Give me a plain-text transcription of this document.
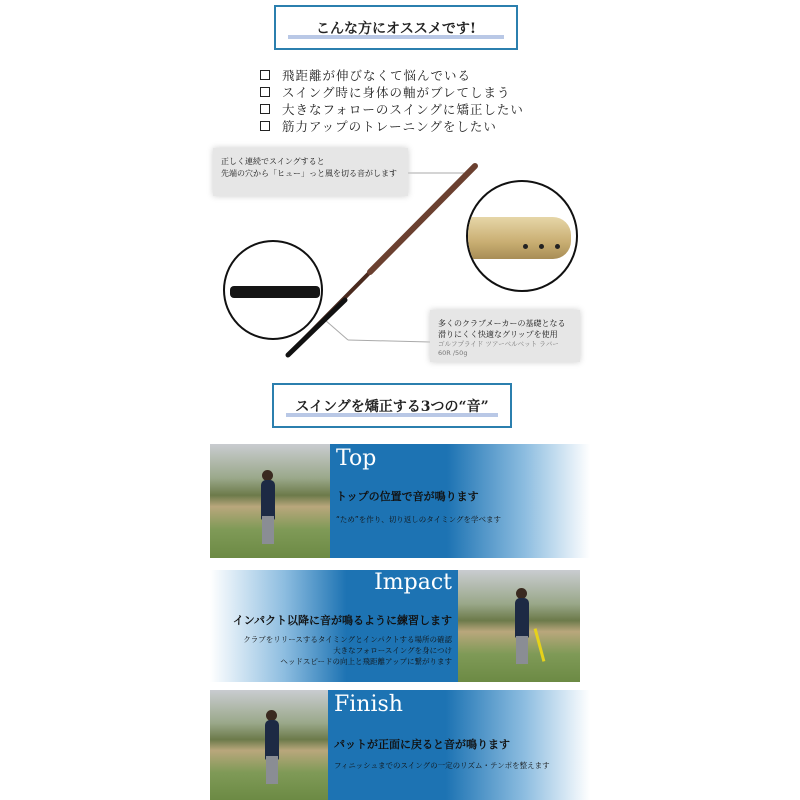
こんな方にオススメです!
飛距離が伸びなくて悩んでいる
スイング時に身体の軸がブレてしまう
大きなフォローのスイングに矯正したい
筋力アップのトレーニングをしたい
正しく連続でスイングすると
先端の穴から「ヒュー」っと風を切る音がします
多くのクラブメーカーの基礎となる
滑りにくく快適なグリップを使用
ゴルフプライド ツアーベルベット ラバー
60R /50g
スイングを矯正する3つの“音”
Top
トップの位置で音が鳴ります
“ため”を作り、切り返しのタイミングを学べます
Impact
インパクト以降に音が鳴るように練習します
クラブをリリースするタイミングとインパクトする場所の確認
大きなフォロースイングを身につけ
ヘッドスピードの向上と飛距離アップに繋がります
Finish
パットが正面に戻ると音が鳴ります
フィニッシュまでのスイングの一定のリズム・テンポを整えます
